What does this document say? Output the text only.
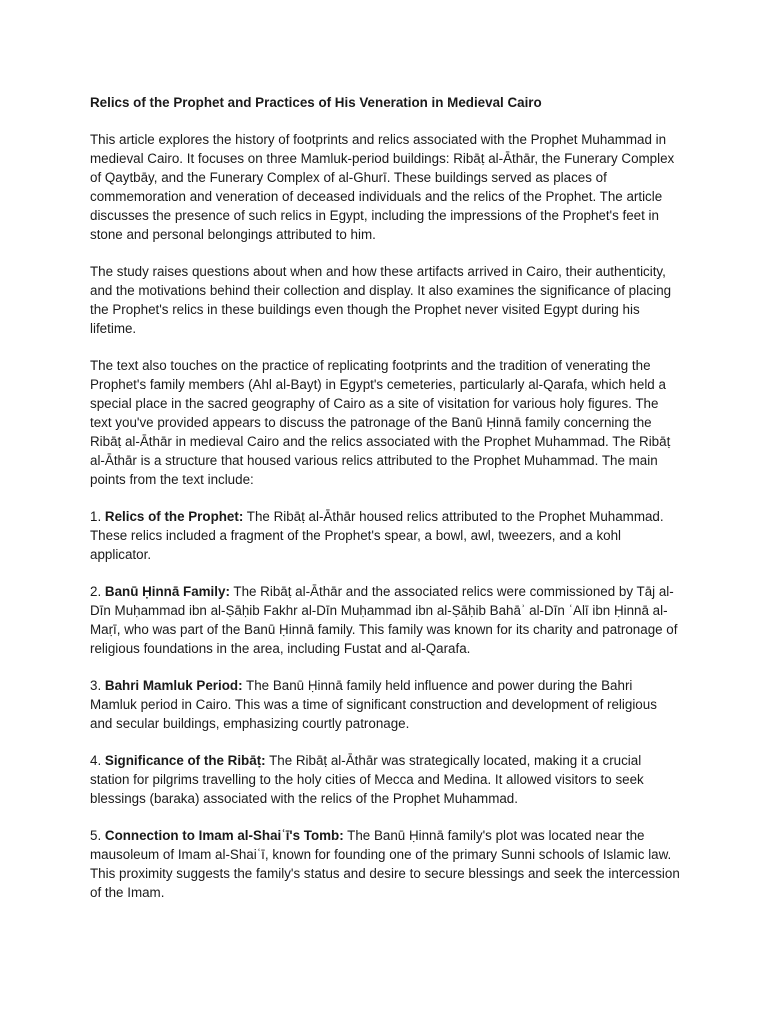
Relics of the Prophet and Practices of His Veneration in Medieval Cairo

This article explores the history of footprints and relics associated with the Prophet Muhammad in medieval Cairo. It focuses on three Mamluk-period buildings: Ribāṭ al-Āthār, the Funerary Complex of Qaytbāy, and the Funerary Complex of al-Ghurī. These buildings served as places of commemoration and veneration of deceased individuals and the relics of the Prophet. The article discusses the presence of such relics in Egypt, including the impressions of the Prophet's feet in stone and personal belongings attributed to him.

The study raises questions about when and how these artifacts arrived in Cairo, their authenticity, and the motivations behind their collection and display. It also examines the significance of placing the Prophet's relics in these buildings even though the Prophet never visited Egypt during his lifetime.

The text also touches on the practice of replicating footprints and the tradition of venerating the Prophet's family members (Ahl al-Bayt) in Egypt's cemeteries, particularly al-Qarafa, which held a special place in the sacred geography of Cairo as a site of visitation for various holy figures. The text you've provided appears to discuss the patronage of the Banū Ḥinnā family concerning the Ribāṭ al-Āthār in medieval Cairo and the relics associated with the Prophet Muhammad. The Ribāṭ al-Āthār is a structure that housed various relics attributed to the Prophet Muhammad. The main points from the text include:

1. Relics of the Prophet: The Ribāṭ al-Āthār housed relics attributed to the Prophet Muhammad. These relics included a fragment of the Prophet's spear, a bowl, awl, tweezers, and a kohl applicator.

2. Banū Ḥinnā Family: The Ribāṭ al-Āthār and the associated relics were commissioned by Tāj al-Dīn Muḥammad ibn al-Ṣāḥib Fakhr al-Dīn Muḥammad ibn al-Ṣāḥib Bahāʾ al-Dīn ʿAlī ibn Ḥinnā al-Maṛī, who was part of the Banū Ḥinnā family. This family was known for its charity and patronage of religious foundations in the area, including Fustat and al-Qarafa.

3. Bahri Mamluk Period: The Banū Ḥinnā family held influence and power during the Bahri Mamluk period in Cairo. This was a time of significant construction and development of religious and secular buildings, emphasizing courtly patronage.

4. Significance of the Ribāṭ: The Ribāṭ al-Āthār was strategically located, making it a crucial station for pilgrims travelling to the holy cities of Mecca and Medina. It allowed visitors to seek blessings (baraka) associated with the relics of the Prophet Muhammad.

5. Connection to Imam al-Shaiʿī's Tomb: The Banū Ḥinnā family's plot was located near the mausoleum of Imam al-Shaiʿī, known for founding one of the primary Sunni schools of Islamic law. This proximity suggests the family's status and desire to secure blessings and seek the intercession of the Imam.
